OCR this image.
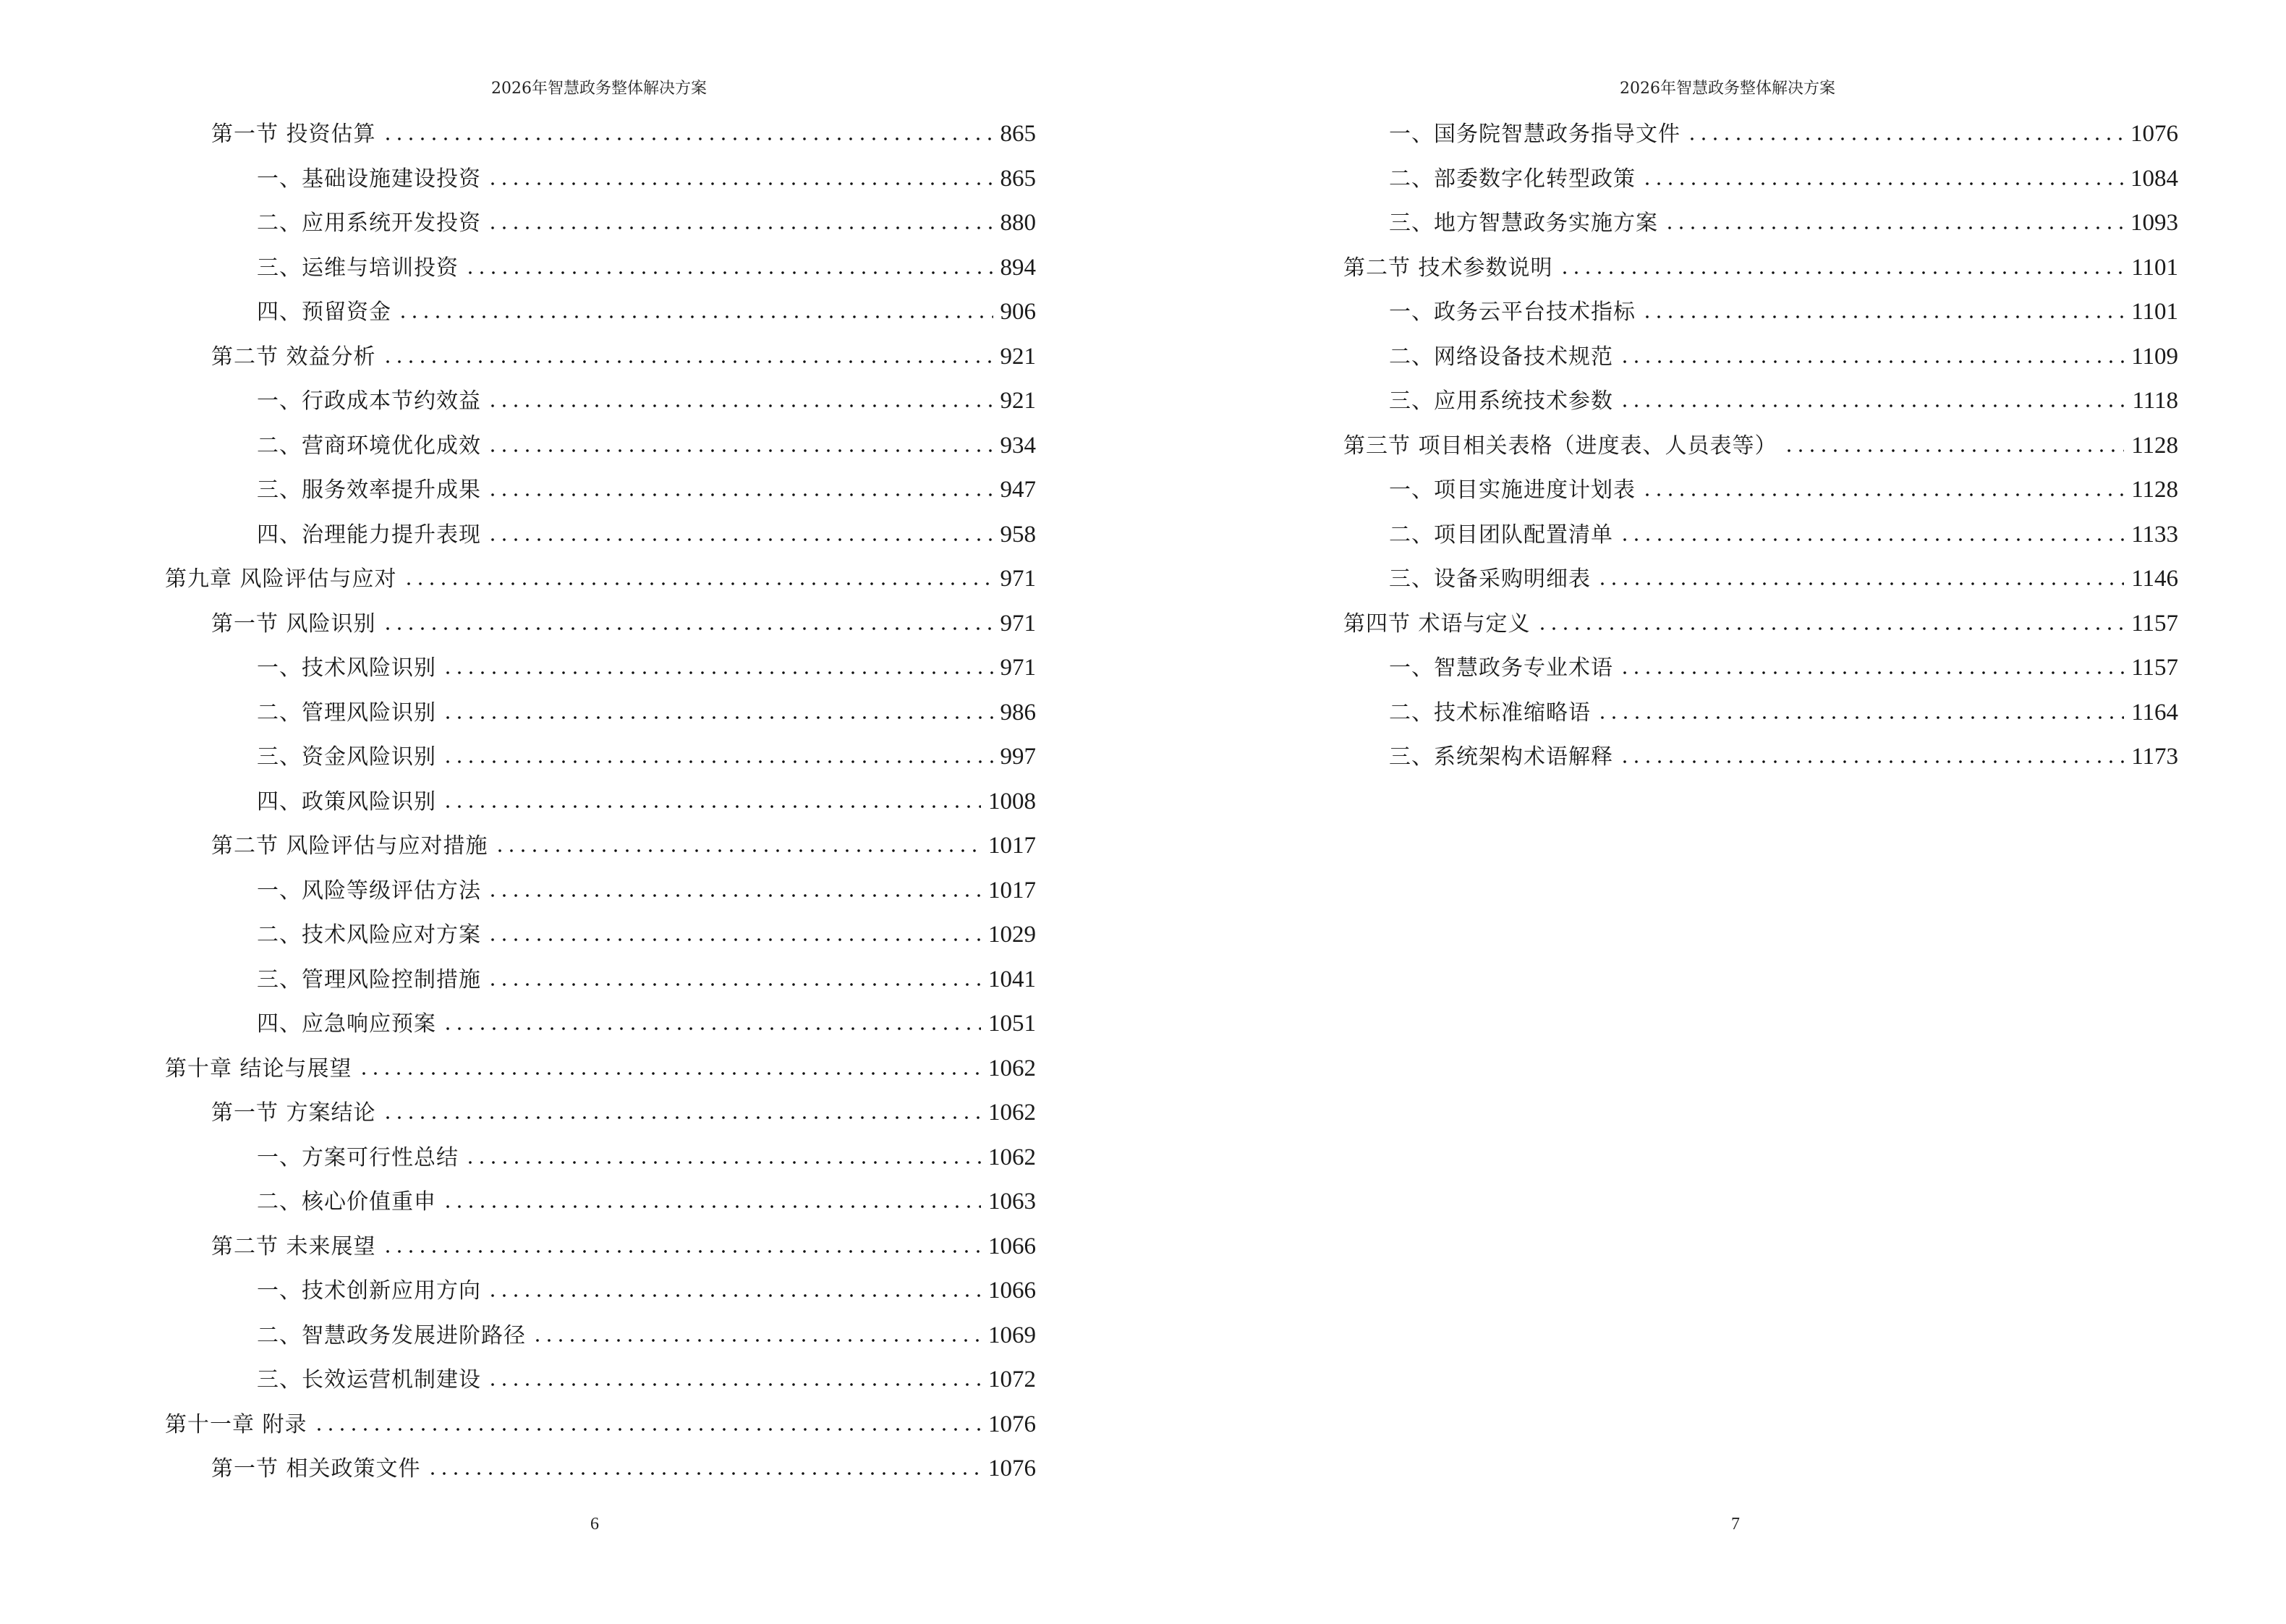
2026年智慧政务整体解决方案
第一节 投资估算	865
一、基础设施建设投资	865
二、应用系统开发投资	880
三、运维与培训投资	894
四、预留资金	906
第二节 效益分析	921
一、行政成本节约效益	921
二、营商环境优化成效	934
三、服务效率提升成果	947
四、治理能力提升表现	958
第九章 风险评估与应对	971
第一节 风险识别	971
一、技术风险识别	971
二、管理风险识别	986
三、资金风险识别	997
四、政策风险识别	1008
第二节 风险评估与应对措施	1017
一、风险等级评估方法	1017
二、技术风险应对方案	1029
三、管理风险控制措施	1041
四、应急响应预案	1051
第十章 结论与展望	1062
第一节 方案结论	1062
一、方案可行性总结	1062
二、核心价值重申	1063
第二节 未来展望	1066
一、技术创新应用方向	1066
二、智慧政务发展进阶路径	1069
三、长效运营机制建设	1072
第十一章 附录	1076
第一节 相关政策文件	1076
6
2026年智慧政务整体解决方案
一、国务院智慧政务指导文件	1076
二、部委数字化转型政策	1084
三、地方智慧政务实施方案	1093
第二节 技术参数说明	1101
一、政务云平台技术指标	1101
二、网络设备技术规范	1109
三、应用系统技术参数	1118
第三节 项目相关表格（进度表、人员表等）	1128
一、项目实施进度计划表	1128
二、项目团队配置清单	1133
三、设备采购明细表	1146
第四节 术语与定义	1157
一、智慧政务专业术语	1157
二、技术标准缩略语	1164
三、系统架构术语解释	1173
7
